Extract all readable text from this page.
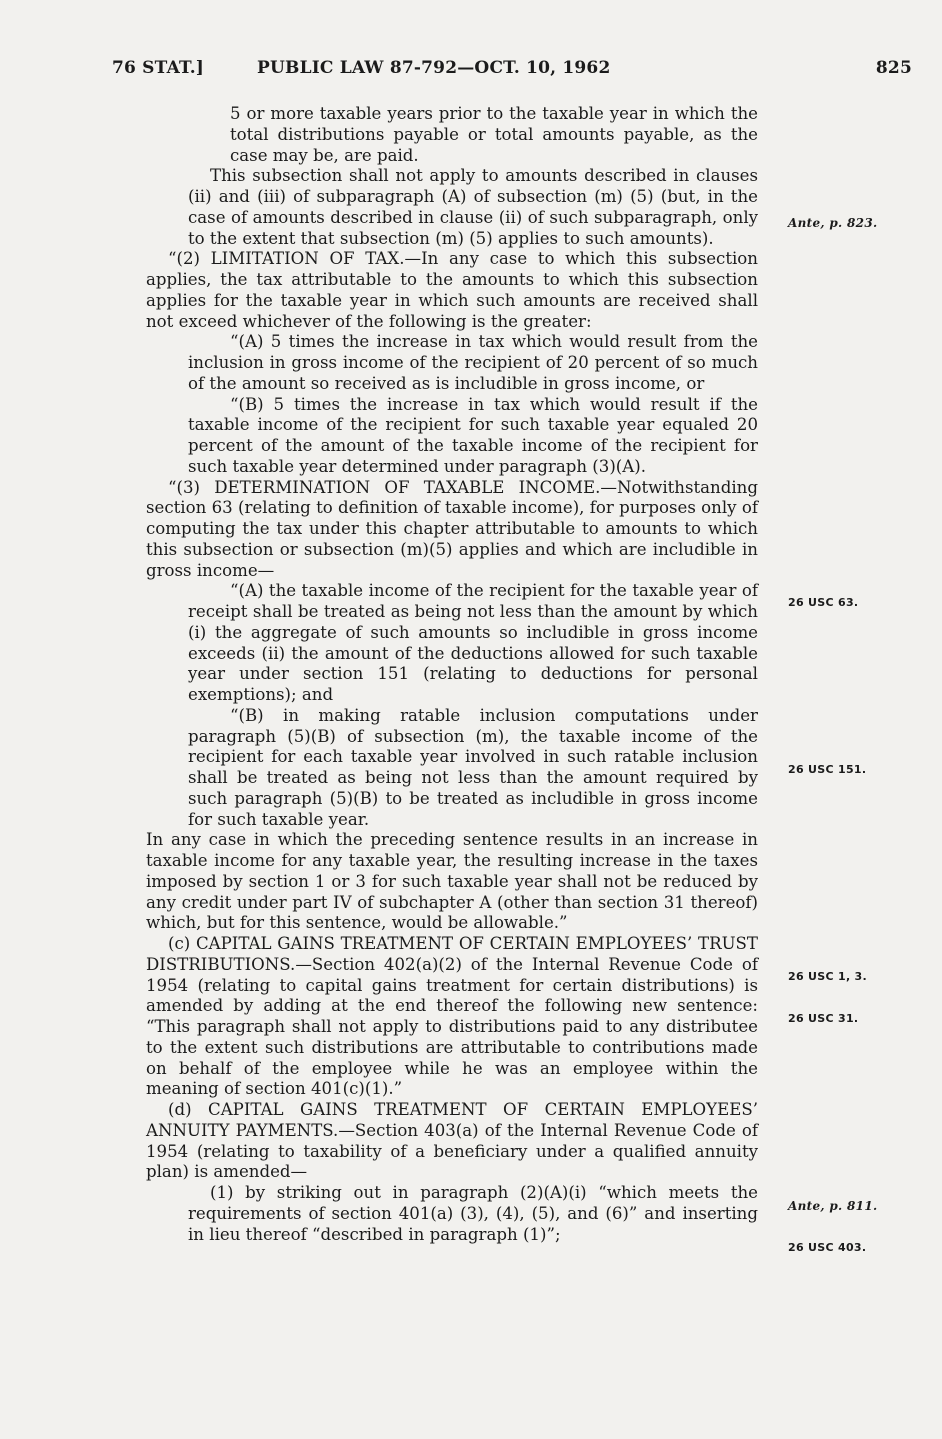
76 STAT.]	PUBLIC LAW 87-792—OCT. 10, 1962	825

5 or more taxable years prior to the taxable year in which the total distributions payable or total amounts payable, as the case may be, are paid.

This subsection shall not apply to amounts described in clauses (ii) and (iii) of subparagraph (A) of subsection (m) (5) (but, in the case of amounts described in clause (ii) of such subparagraph, only to the extent that subsection (m) (5) applies to such amounts).

“(2) LIMITATION OF TAX.—In any case to which this subsection applies, the tax attributable to the amounts to which this subsection applies for the taxable year in which such amounts are received shall not exceed whichever of the following is the greater:

“(A) 5 times the increase in tax which would result from the inclusion in gross income of the recipient of 20 percent of so much of the amount so received as is includible in gross income, or

“(B) 5 times the increase in tax which would result if the taxable income of the recipient for such taxable year equaled 20 percent of the amount of the taxable income of the recipient for such taxable year determined under paragraph (3)(A).

“(3) DETERMINATION OF TAXABLE INCOME.—Notwithstanding section 63 (relating to definition of taxable income), for purposes only of computing the tax under this chapter attributable to amounts to which this subsection or subsection (m)(5) applies and which are includible in gross income—

“(A) the taxable income of the recipient for the taxable year of receipt shall be treated as being not less than the amount by which (i) the aggregate of such amounts so includible in gross income exceeds (ii) the amount of the deductions allowed for such taxable year under section 151 (relating to deductions for personal exemptions); and

“(B) in making ratable inclusion computations under paragraph (5)(B) of subsection (m), the taxable income of the recipient for each taxable year involved in such ratable inclusion shall be treated as being not less than the amount required by such paragraph (5)(B) to be treated as includible in gross income for such taxable year.

In any case in which the preceding sentence results in an increase in taxable income for any taxable year, the resulting increase in the taxes imposed by section 1 or 3 for such taxable year shall not be reduced by any credit under part IV of subchapter A (other than section 31 thereof) which, but for this sentence, would be allowable.”

(c) CAPITAL GAINS TREATMENT OF CERTAIN EMPLOYEES’ TRUST DISTRIBUTIONS.—Section 402(a)(2) of the Internal Revenue Code of 1954 (relating to capital gains treatment for certain distributions) is amended by adding at the end thereof the following new sentence: “This paragraph shall not apply to distributions paid to any distributee to the extent such distributions are attributable to contributions made on behalf of the employee while he was an employee within the meaning of section 401(c)(1).”

(d) CAPITAL GAINS TREATMENT OF CERTAIN EMPLOYEES’ ANNUITY PAYMENTS.—Section 403(a) of the Internal Revenue Code of 1954 (relating to taxability of a beneficiary under a qualified annuity plan) is amended—

(1) by striking out in paragraph (2)(A)(i) “which meets the requirements of section 401(a) (3), (4), (5), and (6)” and inserting in lieu thereof “described in paragraph (1)”;

Ante, p. 823.
26 USC 63.
26 USC 151.
26 USC 1, 3.
26 USC 31.
Ante, p. 811.
26 USC 403.
